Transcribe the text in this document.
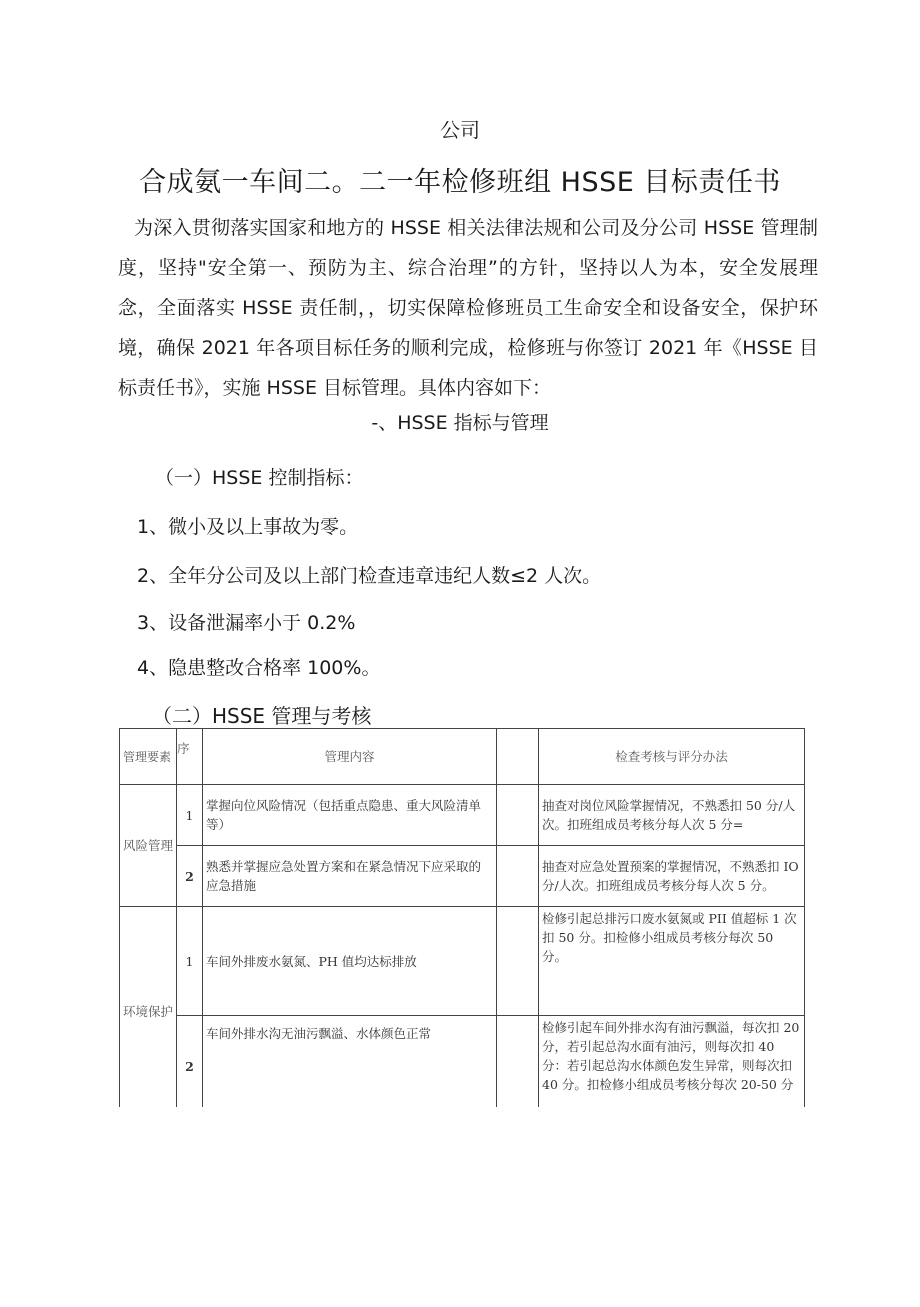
公司
合成氨一车间二。二一年检修班组 HSSE 目标责任书
为深入贯彻落实国家和地方的 HSSE 相关法律法规和公司及分公司 HSSE 管理制度，坚持"安全第一、预防为主、综合治理”的方针，坚持以人为本，安全发展理念，全面落实 HSSE 责任制，，切实保障检修班员工生命安全和设备安全，保护环境，确保 2021 年各项目标任务的顺利完成，检修班与你签订 2021 年《HSSE 目标责任书》，实施 HSSE 目标管理。具体内容如下：
-、HSSE 指标与管理
（一）HSSE 控制指标：
1、微小及以上事故为零。
2、全年分公司及以上部门检查违章违纪人数≤2 人次。
3、设备泄漏率小于 0.2%
4、隐患整改合格率 100%。
（二）HSSE 管理与考核
管理要素	序	管理内容		检查考核与评分办法
风险管理	1	掌握向位风险情况（包括重点隐患、重大风险清单等）		抽查对岗位风险掌握情况，不熟悉扣 50 分/人次。扣班组成员考核分每人次 5 分=
	2	熟悉并掌握应急处置方案和在紧急情况下应采取的应急措施		抽查对应急处置预案的掌握情况，不熟悉扣 IO 分/人次。扣班组成员考核分每人次 5 分。
环境保护	1	车间外排废水氨氮、PH 值均达标排放		检修引起总排污口废水氨氮或 PII 值超标 1 次扣 50 分。扣检修小组成员考核分每次 50 分。
	2	车间外排水沟无油污飘溢、水体颜色正常		检修引起车间外排水沟有油污飘溢，每次扣 20 分，若引起总沟水面有油污，则每次扣 40 分：若引起总沟水体颜色发生异常，则每次扣 40 分。扣检修小组成员考核分每次 20-50 分
